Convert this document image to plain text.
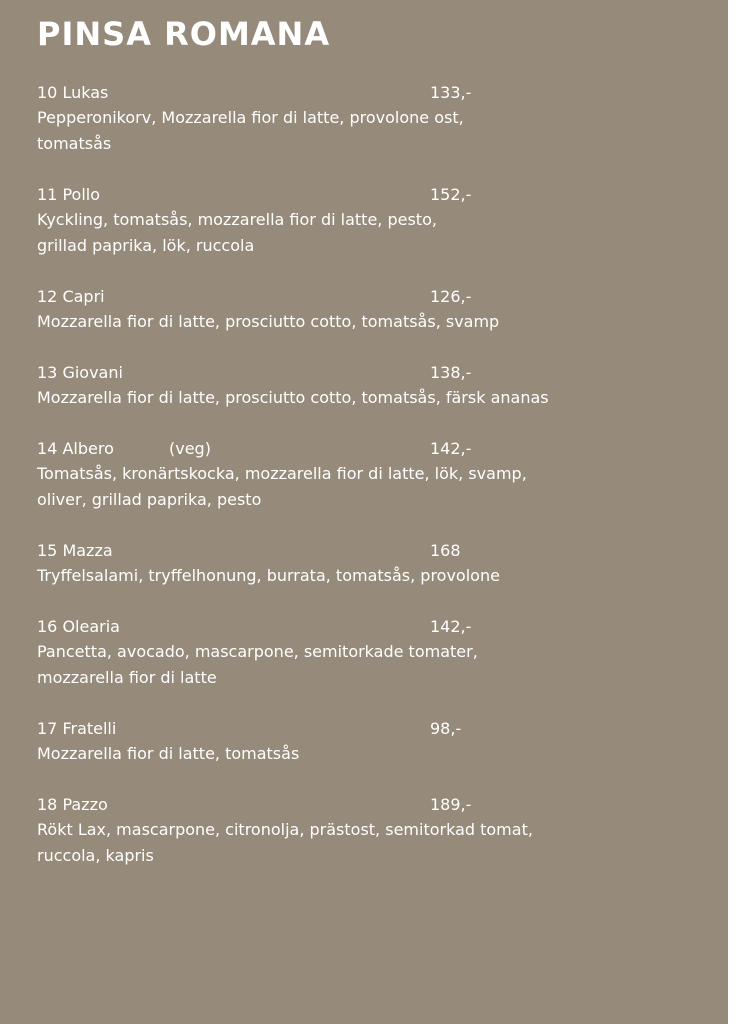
PINSA ROMANA
10 Lukas	133,-
Pepperonikorv, Mozzarella fior di latte, provolone ost,
tomatsås
11 Pollo	152,-
Kyckling, tomatsås, mozzarella fior di latte, pesto,
grillad paprika, lök, ruccola
12 Capri	126,-
Mozzarella fior di latte, prosciutto cotto, tomatsås, svamp
13 Giovani	138,-
Mozzarella fior di latte, prosciutto cotto, tomatsås, färsk ananas
14 Albero	(veg)	142,-
Tomatsås, kronärtskocka, mozzarella fior di latte, lök, svamp,
oliver, grillad paprika, pesto
15 Mazza	168
Tryffelsalami, tryffelhonung, burrata, tomatsås, provolone
16 Olearia	142,-
Pancetta, avocado, mascarpone, semitorkade tomater,
mozzarella fior di latte
17 Fratelli	98,-
Mozzarella fior di latte, tomatsås
18 Pazzo	189,-
Rökt Lax, mascarpone, citronolja, prästost, semitorkad tomat,
ruccola, kapris
